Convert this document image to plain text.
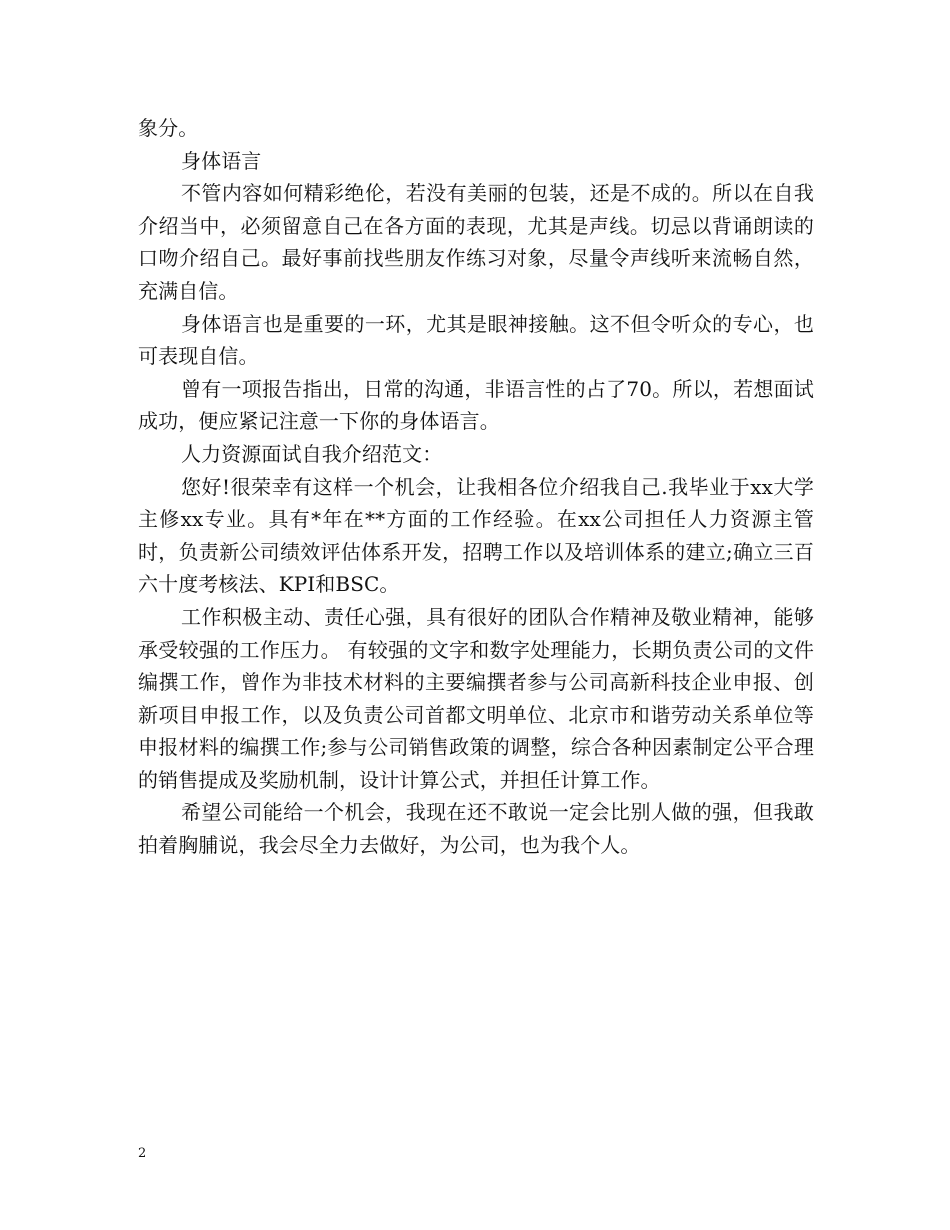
象分。

身体语言

不管内容如何精彩绝伦，若没有美丽的包装，还是不成的。所以在自我介绍当中，必须留意自己在各方面的表现，尤其是声线。切忌以背诵朗读的口吻介绍自己。最好事前找些朋友作练习对象，尽量令声线听来流畅自然，充满自信。

身体语言也是重要的一环，尤其是眼神接触。这不但令听众的专心，也可表现自信。

曾有一项报告指出，日常的沟通，非语言性的占了70。所以，若想面试成功，便应紧记注意一下你的身体语言。

人力资源面试自我介绍范文：

您好!很荣幸有这样一个机会，让我相各位介绍我自己.我毕业于xx大学主修xx专业。具有*年在**方面的工作经验。在xx公司担任人力资源主管时，负责新公司绩效评估体系开发，招聘工作以及培训体系的建立;确立三百六十度考核法、KPI和BSC。

工作积极主动、责任心强，具有很好的团队合作精神及敬业精神，能够承受较强的工作压力。 有较强的文字和数字处理能力，长期负责公司的文件编撰工作，曾作为非技术材料的主要编撰者参与公司高新科技企业申报、创新项目申报工作，以及负责公司首都文明单位、北京市和谐劳动关系单位等申报材料的编撰工作;参与公司销售政策的调整，综合各种因素制定公平合理的销售提成及奖励机制，设计计算公式，并担任计算工作。

希望公司能给一个机会，我现在还不敢说一定会比别人做的强，但我敢拍着胸脯说，我会尽全力去做好，为公司，也为我个人。

2
